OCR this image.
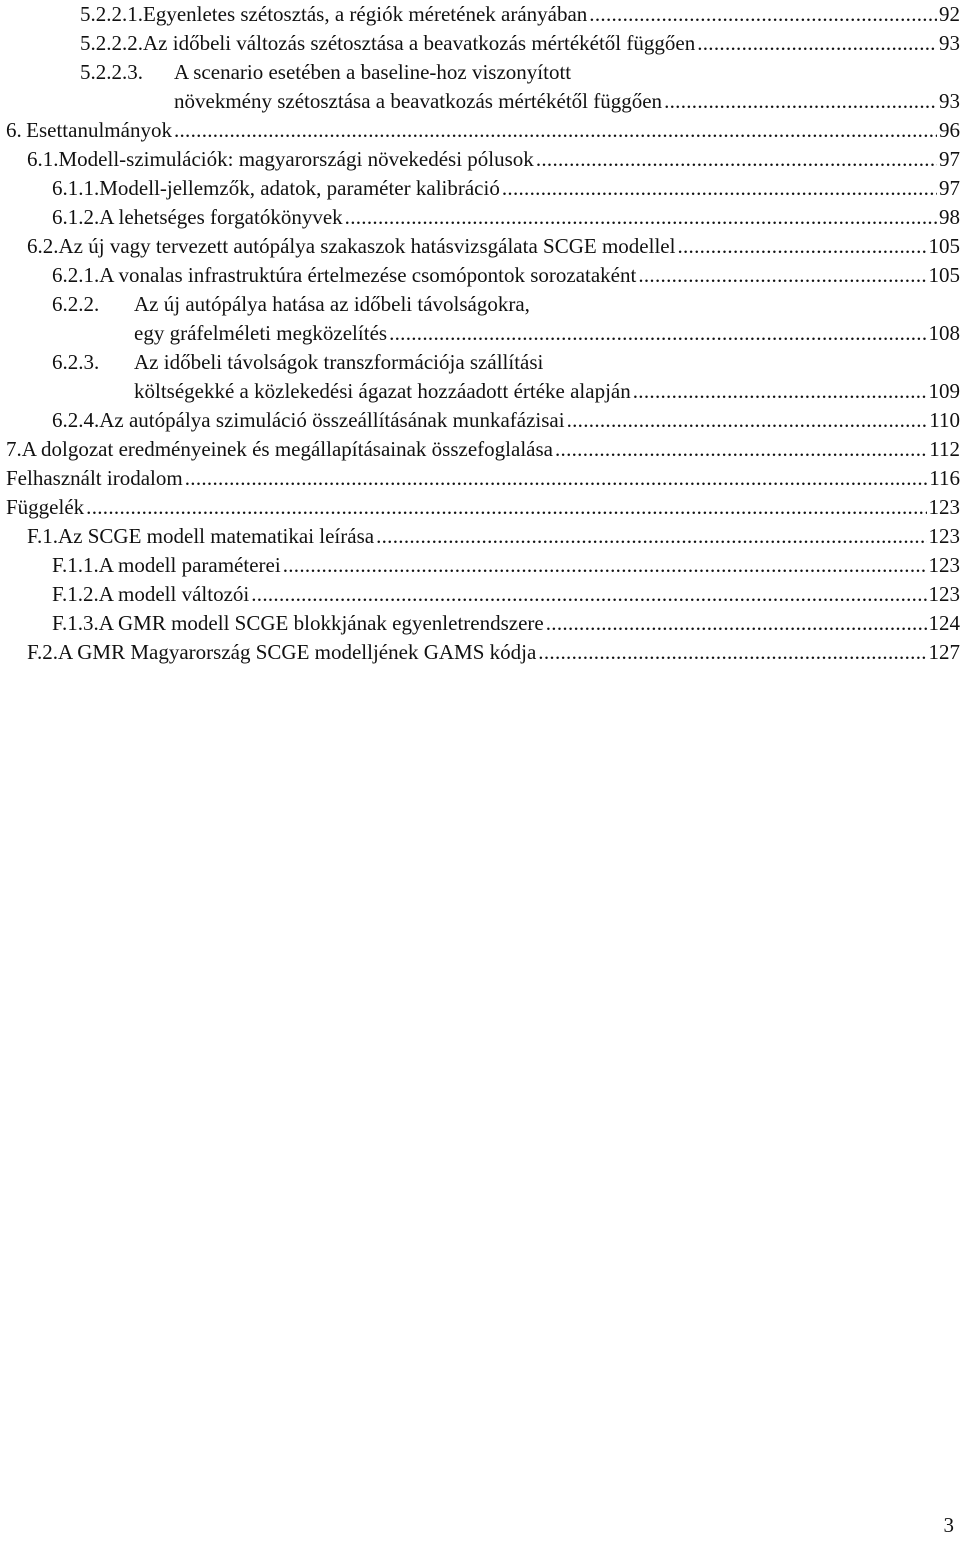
5.2.2.1. Egyenletes szétosztás, a régiók méretének arányában .....	92
5.2.2.2. Az időbeli változás szétosztása a beavatkozás mértékétől függően .....	93
5.2.2.3.	A scenario esetében a baseline-hoz viszonyított
növekmény szétosztása a beavatkozás mértékétől függően .....	93
6. Esettanulmányok .....	96
6.1. Modell-szimulációk: magyarországi növekedési pólusok .....	97
6.1.1. Modell-jellemzők, adatok, paraméter kalibráció .....	97
6.1.2. A lehetséges forgatókönyvek .....	98
6.2. Az új vagy tervezett autópálya szakaszok hatásvizsgálata SCGE modellel .....	105
6.2.1. A vonalas infrastruktúra értelmezése csomópontok sorozataként .....	105
6.2.2.	Az új autópálya hatása az időbeli távolságokra,
egy gráfelméleti megközelítés .....	108
6.2.3.	Az időbeli távolságok transzformációja szállítási
költségekké a közlekedési ágazat hozzáadott értéke alapján .....	109
6.2.4. Az autópálya szimuláció összeállításának munkafázisai .....	110
7. A dolgozat eredményeinek és megállapításainak összefoglalása .....	112
Felhasznált irodalom .....	116
Függelék .....	123
F.1. Az SCGE modell matematikai leírása .....	123
F.1.1. A modell paraméterei .....	123
F.1.2. A modell változói .....	123
F.1.3. A GMR modell SCGE blokkjának egyenletrendszere .....	124
F.2. A GMR Magyarország SCGE modelljének GAMS kódja .....	127
3
